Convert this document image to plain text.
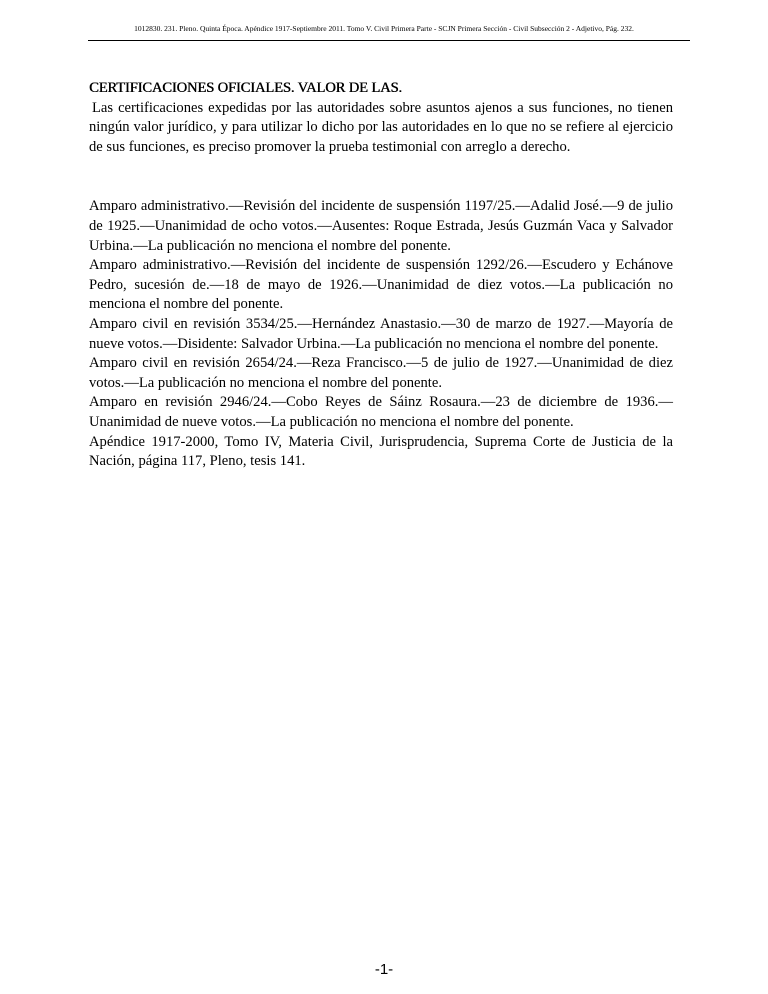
1012830. 231. Pleno. Quinta Época. Apéndice 1917-Septiembre 2011. Tomo V. Civil Primera Parte - SCJN Primera Sección - Civil Subsección 2 - Adjetivo, Pág. 232.
CERTIFICACIONES OFICIALES. VALOR DE LAS.

Las certificaciones expedidas por las autoridades sobre asuntos ajenos a sus funciones, no tienen ningún valor jurídico, y para utilizar lo dicho por las autoridades en lo que no se refiere al ejercicio de sus funciones, es preciso promover la prueba testimonial con arreglo a derecho.

Amparo administrativo.—Revisión del incidente de suspensión 1197/25.—Adalid José.—9 de julio de 1925.—Unanimidad de ocho votos.—Ausentes: Roque Estrada, Jesús Guzmán Vaca y Salvador Urbina.—La publicación no menciona el nombre del ponente.

Amparo administrativo.—Revisión del incidente de suspensión 1292/26.—Escudero y Echánove Pedro, sucesión de.—18 de mayo de 1926.—Unanimidad de diez votos.—La publicación no menciona el nombre del ponente.

Amparo civil en revisión 3534/25.—Hernández Anastasio.—30 de marzo de 1927.—Mayoría de nueve votos.—Disidente: Salvador Urbina.—La publicación no menciona el nombre del ponente.

Amparo civil en revisión 2654/24.—Reza Francisco.—5 de julio de 1927.—Unanimidad de diez votos.—La publicación no menciona el nombre del ponente.

Amparo en revisión 2946/24.—Cobo Reyes de Sáinz Rosaura.—23 de diciembre de 1936.—Unanimidad de nueve votos.—La publicación no menciona el nombre del ponente.

Apéndice 1917-2000, Tomo IV, Materia Civil, Jurisprudencia, Suprema Corte de Justicia de la Nación, página 117, Pleno, tesis 141.

-1-
